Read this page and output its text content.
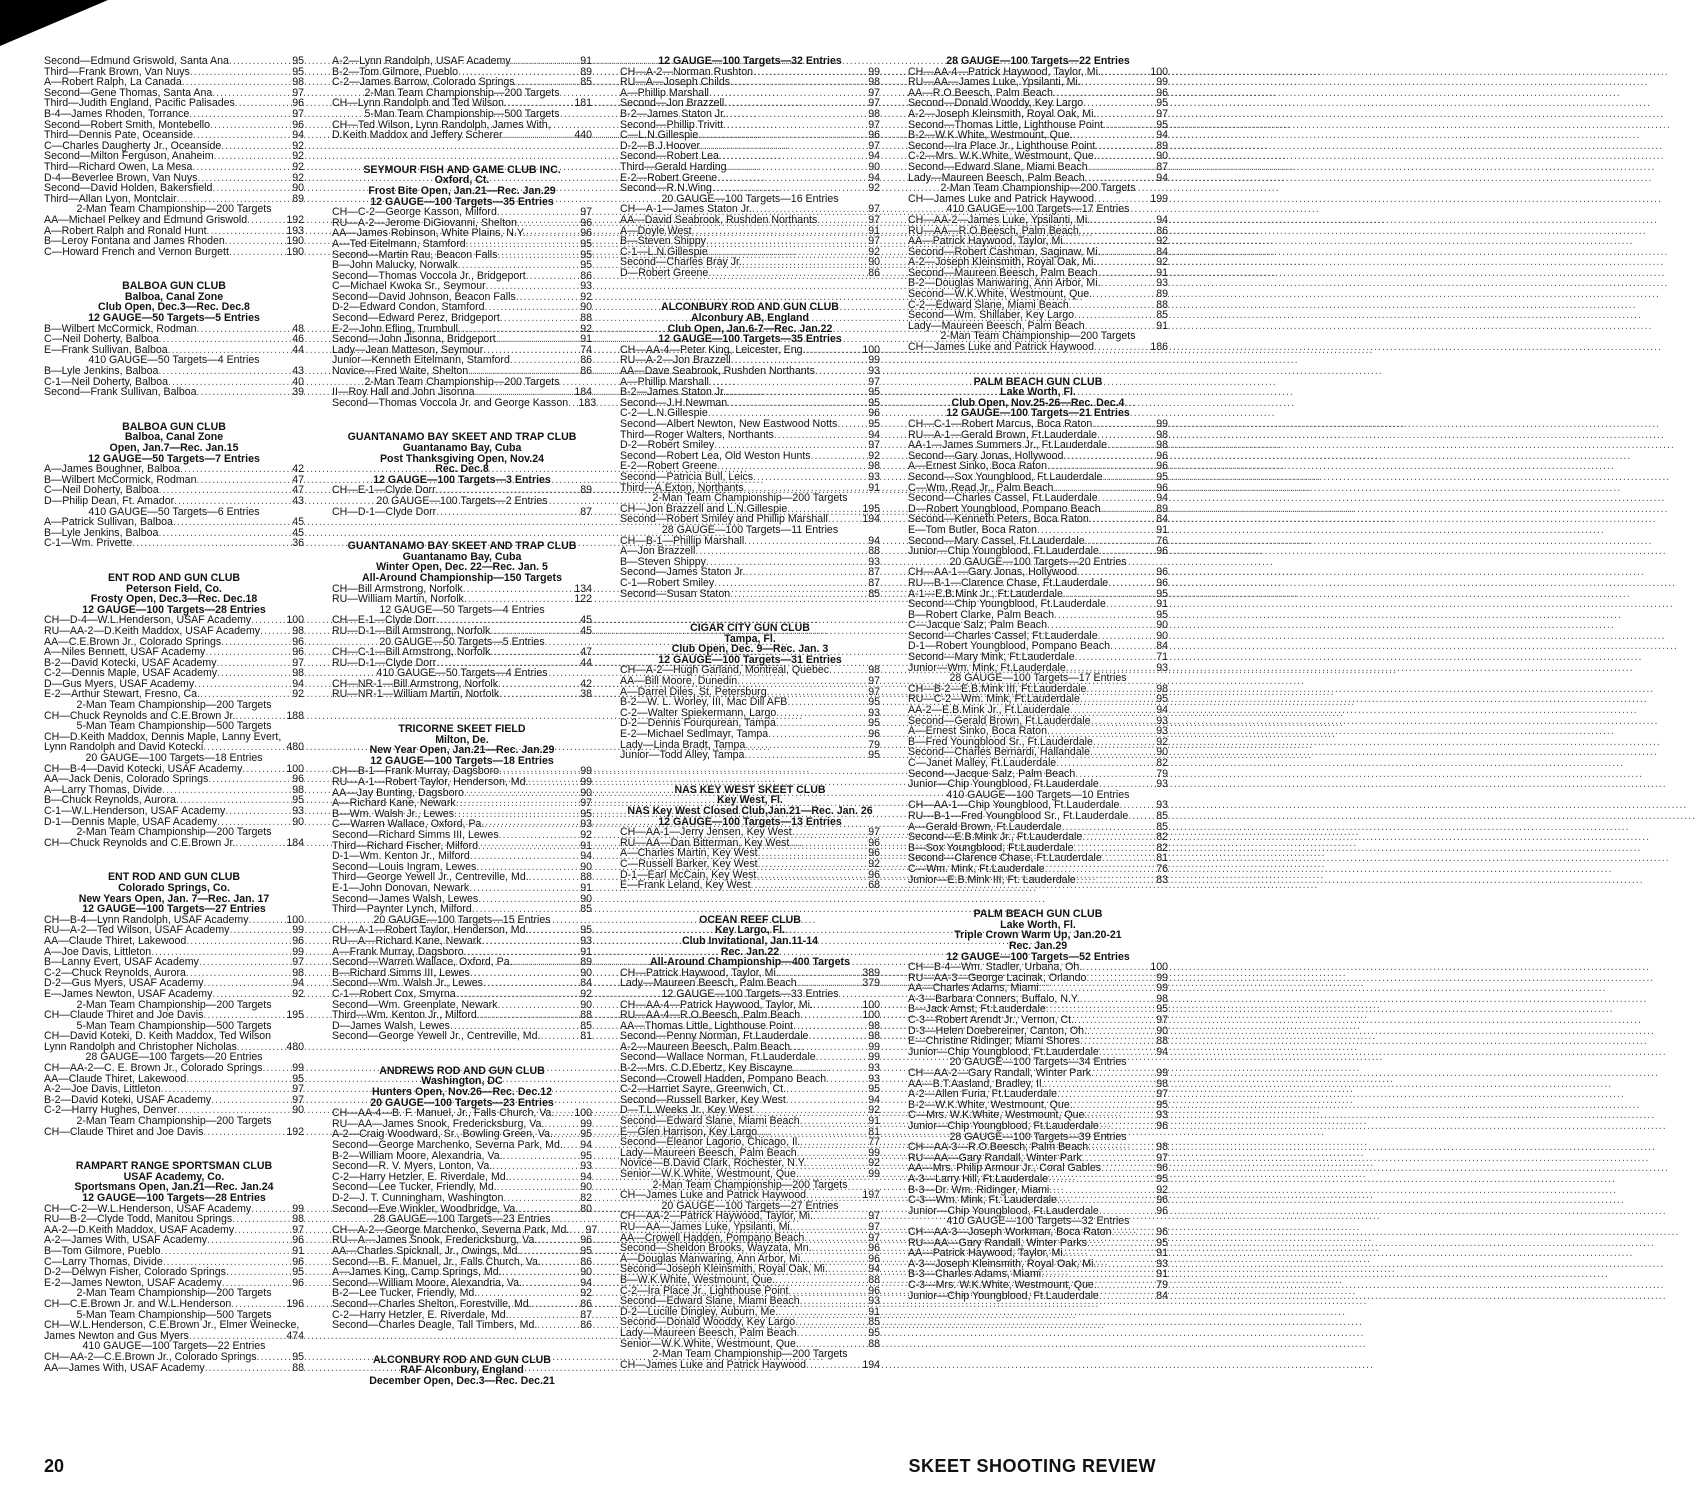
Second—Edmund Griswold, Santa Ana .....	95
Third—Frank Brown, Van Nuys .....	95
A—Robert Ralph, La Canada .....	98
Second—Gene Thomas, Santa Ana .....	97
Third—Judith England, Pacific Palisades .....	96
B-4—James Rhoden, Torrance .....	97
Second—Robert Smith, Montebello .....	96
Third—Dennis Pate, Oceanside .....	94
C—Charles Daugherty Jr., Oceanside .....	92
Second—Milton Ferguson, Anaheim .....	92
Third—Richard Owen, La Mesa .....	92
D-4—Beverlee Brown, Van Nuys .....	92
Second—David Holden, Bakersfield .....	90
Third—Allan Lyon, Montclair .....	89
2-Man Team Championship—200 Targets
AA—Michael Pelkey and Edmund Griswold .....	192
A—Robert Ralph and Ronald Hunt .....	193
B—Leroy Fontana and James Rhoden .....	190
C—Howard French and Vernon Burgett .....	190
BALBOA GUN CLUB
Balboa, Canal Zone
Club Open, Dec.3—Rec. Dec.8
12 GAUGE—50 Targets—5 Entries
B—Wilbert McCormick, Rodman .....	48
C—Neil Doherty, Balboa .....	46
E—Frank Sullivan, Balboa .....	44
410 GAUGE—50 Targets—4 Entries
B—Lyle Jenkins, Balboa .....	43
C-1—Neil Doherty, Balboa .....	40
Second—Frank Sullivan, Balboa .....	39
BALBOA GUN CLUB
Balboa, Canal Zone
Open, Jan.7—Rec. Jan.15
12 GAUGE—50 Targets—7 Entries
A—James Boughner, Balboa .....	42
B—Wilbert McCormick, Rodman .....	47
C—Neil Doherty, Balboa .....	47
D—Philip Dean, Ft. Amador .....	43
410 GAUGE—50 Targets—6 Entries
A—Patrick Sullivan, Balboa .....	45
B—Lyle Jenkins, Balboa .....	45
C-1—Wm. Privette .....	36
ENT ROD AND GUN CLUB
Peterson Field, Co.
Frosty Open, Dec.3—Rec. Dec.18
12 GAUGE—100 Targets—28 Entries
CH—D-4—W.L.Henderson, USAF Academy .....	100
RU—AA-2—D.Keith Maddox, USAF Academy .....	98
AA—C.E.Brown Jr., Colorado Springs .....	96
A—Niles Bennett, USAF Academy .....	96
B-2—David Kotecki, USAF Academy .....	97
C-2—Dennis Maple, USAF Academy .....	98
D—Gus Myers, USAF Academy .....	94
E-2—Arthur Stewart, Fresno, Ca. .....	92
2-Man Team Championship—200 Targets
CH—Chuck Reynolds and C.E.Brown Jr. .....	188
5-Man Team Championship—500 Targets
CH—D.Keith Maddox, Dennis Maple, Lanny Evert,
Lynn Randolph and David Kotecki .....	480
20 GAUGE—100 Targets—18 Entries
CH—B-4—David Kotecki, USAF Academy .....	100
AA—Jack Denis, Colorado Springs .....	96
A—Larry Thomas, Divide .....	98
B—Chuck Reynolds, Aurora .....	95
C-1—W.L.Henderson, USAF Academy .....	93
D-1—Dennis Maple, USAF Academy .....	90
2-Man Team Championship—200 Targets
CH—Chuck Reynolds and C.E.Brown Jr. .....	184
ENT ROD AND GUN CLUB
Colorado Springs, Co.
New Years Open, Jan. 7—Rec. Jan. 17
12 GAUGE—100 Targets—27 Entries
CH—B-4—Lynn Randolph, USAF Academy .....	100
RU—A-2—Ted Wilson, USAF Academy .....	99
AA—Claude Thiret, Lakewood .....	96
A—Joe Davis, Littleton .....	99
B—Lanny Evert, USAF Academy .....	97
C-2—Chuck Reynolds, Aurora .....	98
D-2—Gus Myers, USAF Academy .....	94
E—James Newton, USAF Academy .....	92
2-Man Team Championship—200 Targets
CH—Claude Thiret and Joe Davis .....	195
5-Man Team Championship—500 Targets
CH—David Koteki, D. Keith Maddox, Ted Wilson
Lynn Randolph and Christopher Nicholas .....	480
28 GAUGE—100 Targets—20 Entries
CH—AA-2—C. E. Brown Jr., Colorado Springs .....	99
AA—Claude Thiret, Lakewood .....	95
A-2—Joe Davis, Littleton .....	97
B-2—David Koteki, USAF Academy .....	97
C-2—Harry Hughes, Denver .....	90
2-Man Team Championship—200 Targets
CH—Claude Thiret and Joe Davis .....	192
RAMPART RANGE SPORTSMAN CLUB
USAF Academy, Co.
Sportsmans Open, Jan.21—Rec. Jan.24
12 GAUGE—100 Targets—28 Entries
CH—C-2—W.L.Henderson, USAF Academy .....	99
RU—B-2—Clyde Todd, Manitou Springs .....	98
AA-2—D.Keith Maddox, USAF Academy .....	97
A-2—James With, USAF Academy .....	96
B—Tom Gilmore, Pueblo .....	91
C—Larry Thomas, Divide .....	96
D-2—Delwyn Fisher, Colorado Springs .....	95
E-2—James Newton, USAF Academy .....	96
2-Man Team Championship—200 Targets
CH—C.E.Brown Jr. and W.L.Henderson .....	196
5-Man Team Championship—500 Targets
CH—W.L.Henderson, C.E.Brown Jr., Elmer Weinecke,
James Newton and Gus Myers .....	474
410 GAUGE—100 Targets—22 Entries
CH—AA-2—C.E.Brown Jr., Colorado Springs .....	95
AA—James With, USAF Academy .....	88
A-2—Lynn Randolph, USAF Academy .....	91
B-2—Tom Gilmore, Pueblo .....	89
C-2—James Barrow, Colorado Springs .....	85
2-Man Team Championship—200 Targets
CH—Lynn Randolph and Ted Wilson .....	181
5-Man Team Championship—500 Targets
CH—Ted Wilson, Lynn Randolph, James With,
D.Keith Maddox and Jeffery Scherer .....	440
SEYMOUR FISH AND GAME CLUB INC.
Oxford, Ct.
Frost Bite Open, Jan.21—Rec. Jan.29
12 GAUGE—100 Targets—35 Entries
CH—C-2—George Kasson, Milford .....	97
RU—A-2—Jerome DiGiovanni, Shelton .....	96
AA—James Robinson, White Plains, N.Y. .....	96
A—Ted Eitelmann, Stamford .....	95
Second—Martin Rau, Beacon Falls .....	95
B—John Malucky, Norwalk .....	95
Second—Thomas Voccola Jr., Bridgeport .....	86
C—Michael Kwoka Sr., Seymour .....	93
Second—David Johnson, Beacon Falls .....	92
D-2—Edward Condon, Stamford .....	90
Second—Edward Perez, Bridgeport .....	88
E-2—John Efling, Trumbull .....	92
Second—John Jisonna, Bridgeport .....	91
Lady—Jean Matteson, Seymour .....	74
Junior—Kenneth Eitelmann, Stamford .....	86
Novice—Fred Waite, Shelton .....	86
2-Man Team Championship—200 Targets
II—Roy Hall and John Jisonna .....	184
Second—Thomas Voccola Jr. and George Kasson ..... 183
GUANTANAMO BAY SKEET AND TRAP CLUB
Guantanamo Bay, Cuba
Post Thanksgiving Open, Nov.24
Rec. Dec.8
12 GAUGE—100 Targets—3 Entries
CH—E-1—Clyde Dorr .....	89
20 GAUGE—100 Targets—2 Entries
CH—D-1—Clyde Dorr .....	87
GUANTANAMO BAY SKEET AND TRAP CLUB
Guantanamo Bay, Cuba
Winter Open, Dec. 22—Rec. Jan. 5
All-Around Championship—150 Targets
CH—Bill Armstrong, Norfolk .....	134
RU—William Martin, Norfolk .....	122
12 GAUGE—50 Targets—4 Entries
CH—E-1—Clyde Dorr .....	45
RU—D-1—Bill Armstrong, Norfolk .....	45
20 GAUGE—50 Targets—5 Entries
CH—C-1—Bill Armstrong, Norfolk .....	47
RU—D-1—Clyde Dorr .....	44
410 GAUGE—50 Targets—4 Entries
CH—NR-1—Bill Armstrong, Norfolk .....	42
RU—NR-1—William Martin, Norfolk .....	38
TRICORNE SKEET FIELD
Milton, De.
New Year Open, Jan.21—Rec. Jan.29
12 GAUGE—100 Targets—18 Entries
CH—B-1—Frank Murray, Dagsboro .....	99
RU—A-1—Robert Taylor, Henderson, Md. .....	99
AA—Jay Bunting, Dagsboro .....	90
A—Richard Kane, Newark .....	97
B—Wm. Walsh Jr., Lewes .....	95
C—Warren Wallace, Oxford, Pa. .....	93
Second—Richard Simms III, Lewes .....	92
Third—Richard Fischer, Milford .....	91
D-1—Wm. Kenton Jr., Milford .....	94
Second—Louis Ingram, Lewes .....	90
Third—George Yewell Jr., Centreville, Md. .....	88
E-1—John Donovan, Newark .....	91
Second—James Walsh, Lewes .....	90
Third—Paynter Lynch, Milford .....	85
20 GAUGE—100 Targets—15 Entries
CH—A-1—Robert Taylor, Henderson, Md. .....	95
RU—A—Richard Kane, Newark .....	93
A—Frank Murray, Dagsboro .....	91
Second—Warren Wallace, Oxford, Pa. .....	89
B—Richard Simms III, Lewes .....	90
Second—Wm. Walsh Jr., Lewes .....	84
C-1—Robert Cox, Smyrna .....	92
Second—Wm. Greenplate, Newark .....	90
Third—Wm. Kenton Jr., Milford .....	88
D—James Walsh, Lewes .....	85
Second—George Yewell Jr., Centreville, Md. .....	81
ANDREWS ROD AND GUN CLUB
Washington, DC
Hunters Open, Nov.26—Rec. Dec.12
20 GAUGE—100 Targets—23 Entries
CH—AA-4—B. F. Manuel, Jr., Falls Church, Va. .....	100
RU—AA—James Snook, Fredericksburg, Va. .....	99
A-2—Craig Woodward, Sr., Bowling Green, Va. .....	95
Second—George Marchenko, Severna Park, Md. .....	94
B-2—William Moore, Alexandria, Va. .....	95
Second—R. V. Myers, Lonton, Va. .....	93
C-2—Harry Hetzler, E. Riverdale, Md. .....	94
Second—Lee Tucker, Friendly, Md. .....	90
D-2—J. T. Cunningham, Washington .....	82
Second—Eve Winkler, Woodbridge, Va. .....	80
28 GAUGE—100 Targets—23 Entries
CH—A-2—George Marchenko, Severna Park, Md. .....	97
RU—A—James Snook, Fredericksburg, Va. .....	96
AA—Charles Spicknall, Jr., Owings, Md. .....	95
Second—B. F. Manuel, Jr., Falls Church, Va. .....	86
A—James King, Camp Springs, Md. .....	90
Second—William Moore, Alexandria, Va. .....	94
B-2—Lee Tucker, Friendly, Md. .....	92
Second—Charles Shelton, Forestville, Md. .....	86
C-2—Harry Hetzler, E. Riverdale, Md. .....	87
Second—Charles Deagle, Tall Timbers, Md. .....	86
ALCONBURY ROD AND GUN CLUB
RAF Alconbury, England
December Open, Dec.3—Rec. Dec.21
12 GAUGE—100 Targets—32 Entries
CH—A-2—Norman Rushton .....	99
RU—A—Joseph Childs .....	98
A—Phillip Marshall .....	97
Second—Jon Brazzell .....	97
B-2—James Staton Jr. .....	98
Second—Phillip Trivitt .....	97
C—L.N.Gillespie .....	96
D-2—B.J.Hoover .....	97
Second—Robert Lea .....	94
Third—Gerald Harding .....	90
E-2—Robert Greene .....	94
Second—R.N.Wing .....	92
20 GAUGE—100 Targets—16 Entries
CH—A-1—James Staton Jr. .....	97
AA—David Seabrook, Rushden Northants .....	97
A—Doyle West .....	91
B—Steven Shippy .....	97
C-1—L.N.Gillespie .....	92
Second—Charles Bray Jr. .....	90
D—Robert Greene .....	86
ALCONBURY ROD AND GUN CLUB
Alconbury AB, England
Club Open, Jan.6-7—Rec. Jan.22
12 GAUGE—100 Targets—35 Entries
CH—AA-4—Peter King, Leicester, Eng. .....	100
RU—A-2—Jon Brazzell .....	99
AA—Dave Seabrook, Rushden Northants .....	93
A—Phillip Marshall .....	97
B-2—James Staton Jr. .....	95
Second—J.H.Newman .....	95
C-2—L.N.Gillespie .....	96
Second—Albert Newton, New Eastwood Notts .....	95
Third—Roger Walters, Northants .....	94
D-2—Robert Smiley .....	97
Second—Robert Lea, Old Weston Hunts .....	92
E-2—Robert Greene .....	98
Second—Patricia Bull, Leics .....	93
Third—A.Exton, Northants .....	91
2-Man Team Championship—200 Targets
CH—Jon Brazzell and L.N.Gillespie .....	195
Second—Robert Smiley and Phillip Marshall .....	194
28 GAUGE—100 Targets—11 Entries
CH—B-1—Phillip Marshall .....	94
A—Jon Brazzell .....	88
B—Steven Shippy .....	93
Second—James Staton Jr. .....	87
C-1—Robert Smiley .....	87
Second—Susan Staton .....	85
CIGAR CITY GUN CLUB
Tampa, Fl.
Club Open, Dec. 9—Rec. Jan. 3
12 GAUGE—100 Targets—31 Entries
CH—A-2—Hugh Garland, Montreal, Quebec .....	98
AA—Bill Moore, Dunedin .....	97
A—Darrel Diles, St. Petersburg .....	97
B-2—W. L. Worley, III, Mac Dill AFB .....	95
C-2—Walter Spiekermann, Largo .....	93
D-2—Dennis Fourqurean, Tampa .....	95
E-2—Michael Sedlmayr, Tampa .....	96
Lady—Linda Bradt, Tampa .....	79
Junior—Todd Alley, Tampa .....	95
NAS KEY WEST SKEET CLUB
Key West, Fl.
NAS Key West Closed Club,Jan.21—Rec. Jan. 26
12 GAUGE—100 Targets—13 Entries
CH—AA-1—Jerry Jensen, Key West .....	97
RU—AA—Dan Bitterman, Key West .....	96
A—Charles Martin, Key West .....	96
C—Russell Barker, Key West .....	92
D-1—Earl McCain, Key West .....	96
E—Frank Leland, Key West .....	68
OCEAN REEF CLUB
Key Largo, Fl.
Club Invitational, Jan.11-14
Rec. Jan.22
All-Around Championship—400 Targets
CH—Patrick Haywood, Taylor, Mi. .....	389
Lady—Maureen Beesch, Palm Beach .....	379
12 GAUGE—100 Targets—33 Entries
CH—AA-4—Patrick Haywood, Taylor, Mi. .....	100
RU—AA-4—R.O.Beesch, Palm Beach .....	100
AA—Thomas Little, Lighthouse Point .....	98
Second—Penny Norman, Ft.Lauderdale .....	98
A-2—Maureen Beesch, Palm Beach .....	99
Second—Wallace Norman, Ft.Lauderdale .....	99
B-2—Mrs. C.D.Ebertz, Key Biscayne .....	93
Second—Crowell Hadden, Pompano Beach .....	93
C-2—Harriet Sayre, Greenwich, Ct. .....	95
Second—Russell Barker, Key West .....	94
D—T.L.Weeks Jr., Key West .....	92
Second—Edward Slane, Miami Beach .....	91
E—Glen Harrison, Key Largo .....	81
Second—Eleanor Lagorio, Chicago, Il. .....	77
Lady—Maureen Beesch, Palm Beach .....	99
Novice—B.David Clark, Rochester, N.Y. .....	92
Senior—W.K.White, Westmount, Que. .....	99
2-Man Team Championship—200 Targets
CH—James Luke and Patrick Haywood .....	197
20 GAUGE—100 Targets—27 Entries
CH—AA-2—Patrick Haywood, Taylor, Mi. .....	97
RU—AA—James Luke, Ypsilanti, Mi. .....	97
AA—Crowell Hadden, Pompano Beach .....	97
Second—Sheldon Brooks, Wayzata, Mn. .....	96
A—Douglas Manwaring, Ann Arbor, Mi. .....	96
Second—Joseph Kleinsmith, Royal Oak, Mi. .....	94
B—W.K.White, Westmount, Que. .....	88
C-2—Ira Place Jr., Lighthouse Point .....	96
Second—Edward Slane, Miami Beach .....	93
D-2—Lucille Dingley, Auburn, Me. .....	91
Second—Donald Wooddy, Key Largo .....	85
Lady—Maureen Beesch, Palm Beach .....	95
Senior—W.K.White, Westmount, Que. .....	88
2-Man Team Championship—200 Targets
CH—James Luke and Patrick Haywood .....	194
28 GAUGE—100 Targets—22 Entries
CH—AA-4—Patrick Haywood, Taylor, Mi. .....	100
RU—AA—James Luke, Ypsilanti, Mi. .....	99
AA—R.O.Beesch, Palm Beach .....	96
Second—Donald Wooddy, Key Largo .....	95
A-2—Joseph Kleinsmith, Royal Oak, Mi. .....	97
Second—Thomas Little, Lighthouse Point .....	95
B-2—W.K.White, Westmount, Que. .....	94
Second—Ira Place Jr., Lighthouse Point .....	89
C-2—Mrs. W.K.White, Westmount, Que. .....	90
Second—Edward Slane, Miami Beach .....	87
Lady—Maureen Beesch, Palm Beach .....	94
2-Man Team Championship—200 Targets
CH—James Luke and Patrick Haywood .....	199
410 GAUGE—100 Targets—17 Entries
CH—AA-2—James Luke, Ypsilanti, Mi. .....	94
RU—AA—R.O.Beesch, Palm Beach .....	86
AA—Patrick Haywood, Taylor, Mi. .....	92
Second—Robert Cashman, Saginaw, Mi. .....	84
A-2—Joseph Kleinsmith, Royal Oak, Mi. .....	92
Second—Maureen Beesch, Palm Beach .....	91
B-2—Douglas Manwaring, Ann Arbor, Mi. .....	93
Second—W.K.White, Westmount, Que. .....	89
C-2—Edward Slane, Miami Beach .....	88
Second—Wm. Shillaber, Key Largo .....	85
Lady—Maureen Beesch, Palm Beach .....	91
2-Man Team Championship—200 Targets
CH—James Luke and Patrick Haywood .....	186
PALM BEACH GUN CLUB
Lake Worth, Fl.
Club Open, Nov.25-26—Rec. Dec.4
12 GAUGE—100 Targets—21 Entries
CH—C-1—Robert Marcus, Boca Raton .....	99
RU—A-1—Gerald Brown, Ft.Lauderdale .....	98
AA-1—James Summers Jr., Ft.Lauderdale .....	98
Second—Gary Jonas, Hollywood .....	96
A—Ernest Sinko, Boca Raton .....	96
Second—Sox Youngblood, Ft.Lauderdale .....	95
C—Wm. Read Jr., Palm Beach .....	96
Second—Charles Cassel, Ft.Lauderdale .....	94
D—Robert Youngblood, Pompano Beach .....	89
Second—Kenneth Peters, Boca Raton .....	84
E—Tom Butler, Boca Raton .....	91
Second—Mary Cassel, Ft.Lauderdale .....	76
Junior—Chip Youngblood, Ft.Lauderdale .....	96
20 GAUGE—100 Targets—20 Entries
CH—AA-1—Gary Jonas, Hollywood .....	96
RU—B-1—Clarence Chase, Ft.Lauderdale .....	96
A-1—E.B.Mink Jr., Ft.Lauderdale .....	95
Second—Chip Youngblood, Ft.Lauderdale .....	91
B—Robert Clarke, Palm Beach .....	95
C—Jacque Salz, Palm Beach .....	90
Second—Charles Cassel, Ft.Lauderdale .....	90
D-1—Robert Youngblood, Pompano Beach .....	84
Second—Mary Mink, Ft.Lauderdale .....	71
Junior—Wm. Mink, Ft.Lauderdale .....	93
28 GAUGE—100 Targets—17 Entries
CH—B-2—E.B.Mink III, Ft.Lauderdale .....	98
RU—C-2—Wm. Mink, Ft.Lauderdale .....	95
AA-2—E.B.Mink Jr., Ft.Lauderdale .....	94
Second—Gerald Brown, Ft.Lauderdale .....	93
A—Ernest Sinko, Boca Raton .....	93
B—Fred Youngblood Sr., Ft.Lauderdale .....	92
Second—Charles Bernardi, Hallandale .....	90
C—Janet Malley, Ft.Lauderdale .....	82
Second—Jacque Salz, Palm Beach .....	79
Junior—Chip Youngblood, Ft.Lauderdale .....	93
410 GAUGE—100 Targets—10 Entries
CH—AA-1—Chip Youngblood, Ft.Lauderdale .....	93
RU—B-1—Fred Youngblood Sr., Ft.Lauderdale .....	85
A—Gerald Brown, Ft.Lauderdale .....	85
Second—E.B.Mink Jr., Ft.Lauderdale .....	82
B—Sox Youngblood, Ft.Lauderdale .....	82
Second—Clarence Chase, Ft.Lauderdale .....	81
C—Wm. Mink, Ft.Lauderdale .....	76
Junior—E.B.Mink III, Ft. Lauderdale .....	83
PALM BEACH GUN CLUB
Lake Worth, Fl.
Triple Crown Warm Up, Jan.20-21
Rec. Jan.29
12 GAUGE—100 Targets—52 Entries
CH—B-4—Wm. Stadler, Urbana, Oh. .....	100
RU—AA-3—George Lacinak, Orlando .....	99
AA—Charles Adams, Miami .....	99
A-3—Barbara Conners, Buffalo, N.Y. .....	98
B—Jack Arnst, Ft.Lauderdale .....	95
C-3—Robert Arendt Jr., Vernon, Ct. .....	97
D-3—Helen Doebereiner, Canton, Oh. .....	90
E—Christine Ridinger, Miami Shores .....	88
Junior—Chip Youngblood, Ft.Lauderdale .....	94
20 GAUGE—100 Targets—34 Entries
CH—AA-2—Gary Randall, Winter Park .....	99
AA—B.T.Aasland, Bradley, Il. .....	98
A-2—Allen Furia, Ft.Lauderdale .....	97
B-2—W.K.White, Westmount, Que. .....	95
C—Mrs. W.K.White, Westmount, Que. .....	93
Junior—Chip Youngblood, Ft.Lauderdale .....	96
28 GAUGE—100 Targets—39 Entries
CH—AA-3—R.O.Beesch, Palm Beach .....	98
RU—AA—Gary Randall, Winter Park .....	97
AA—Mrs. Philip Armour Jr., Coral Gables .....	96
A-3—Larry Hill, Ft.Lauderdale .....	95
B-3—Dr. Wm. Ridinger, Miami .....	92
C-3—Wm. Mink, Ft. Lauderdale .....	96
Junior—Chip Youngblood, Ft.Lauderdale .....	96
410 GAUGE—100 Targets—32 Entries
CH—AA-3—Joseph Workman, Boca Raton .....	96
RU—AA—Gary Randall, Winter Parks .....	95
AA—Patrick Haywood, Taylor, Mi. .....	91
A-3—Joseph Kleinsmith, Royal Oak, Mi. .....	93
B-3—Charles Adams, Miami .....	91
C-3—Mrs. W.K.White, Westmount, Que. .....	79
Junior—Chip Youngblood, Ft.Lauderdale .....	84
20	SKEET SHOOTING REVIEW
